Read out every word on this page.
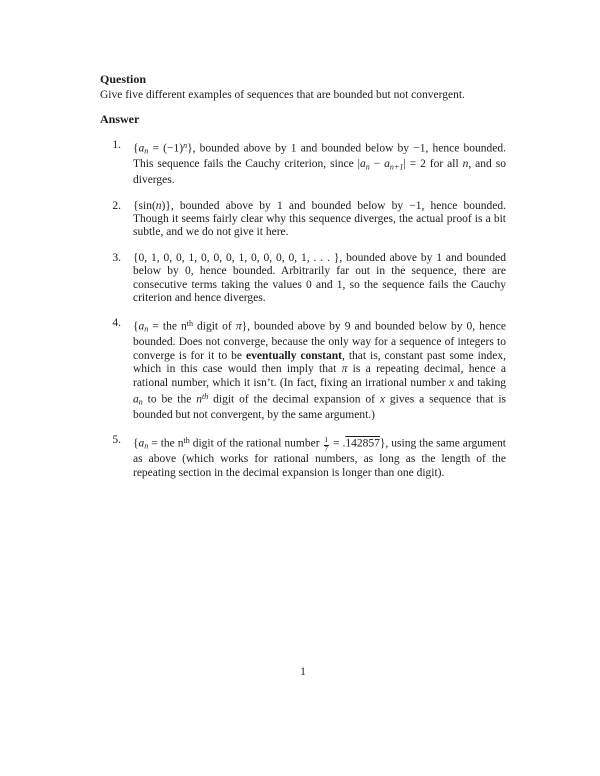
Question

Give five different examples of sequences that are bounded but not convergent.

Answer
1. $\{an = (-1)^n\}$, bounded above by 1 and bounded below by −1, hence bounded. This sequence fails the Cauchy criterion, since |an − an+1| = 2 for all n, and so diverges.
2. {sin(n)}, bounded above by 1 and bounded below by −1, hence bounded. Though it seems fairly clear why this sequence diverges, the actual proof is a bit subtle, and we do not give it here.
3. {0, 1, 0, 0, 1, 0, 0, 0, 1, 0, 0, 0, 0, 1, . . . }, bounded above by 1 and bounded below by 0, hence bounded. Arbitrarily far out in the sequence, there are consecutive terms taking the values 0 and 1, so the sequence fails the Cauchy criterion and hence diverges.
4. {an = the $n^{th}$ digit of π}, bounded above by 9 and bounded below by 0, hence bounded. Does not converge, because the only way for a sequence of integers to converge is for it to be eventually constant, that is, constant past some index, which in this case would then imply that π is a repeating decimal, hence a rational number, which it isn’t. (In fact, fixing an irrational number x and taking an to be the $n^{th}$ digit of the decimal expansion of x gives a sequence that is bounded but not convergent, by the same argument.)
5. {an = the $n^{th}$ digit of the rational number $\frac{1}{7} = .142857$}, using the same argument as above (which works for rational numbers, as long as the length of the repeating section in the decimal expansion is longer than one digit).
1
